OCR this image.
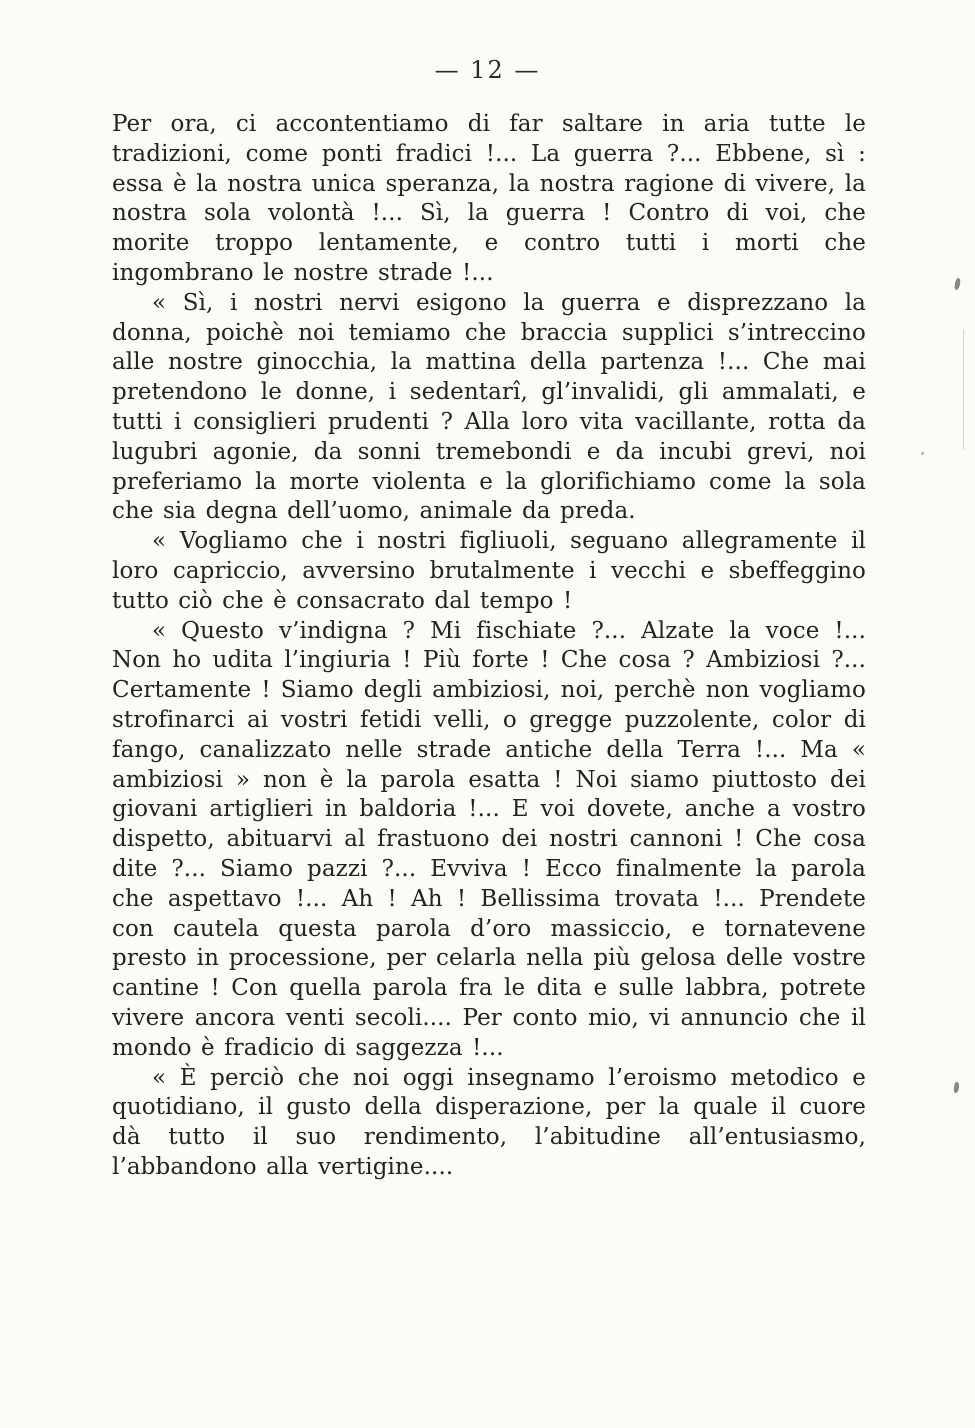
— 12 —

Per ora, ci accontentiamo di far saltare in aria tutte le tradizioni, come ponti fradici !... La guerra ?... Ebbene, sì : essa è la nostra unica speranza, la nostra ragione di vivere, la nostra sola volontà !... Sì, la guerra ! Contro di voi, che morite troppo lentamente, e contro tutti i morti che ingombrano le nostre strade !...

« Sì, i nostri nervi esigono la guerra e disprezzano la donna, poichè noi temiamo che braccia supplici s’intreccino alle nostre ginocchia, la mattina della partenza !... Che mai pretendono le donne, i sedentarî, gl’invalidi, gli ammalati, e tutti i consiglieri prudenti ? Alla loro vita vacillante, rotta da lugubri agonie, da sonni tremebondi e da incubi grevi, noi preferiamo la morte violenta e la glorifichiamo come la sola che sia degna dell’uomo, animale da preda.

« Vogliamo che i nostri figliuoli, seguano allegramente il loro capriccio, avversino brutalmente i vecchi e sbeffeggino tutto ciò che è consacrato dal tempo !

« Questo v’indigna ? Mi fischiate ?... Alzate la voce !... Non ho udita l’ingiuria ! Più forte ! Che cosa ? Ambiziosi ?... Certamente ! Siamo degli ambiziosi, noi, perchè non vogliamo strofinarci ai vostri fetidi velli, o gregge puzzolente, color di fango, canalizzato nelle strade antiche della Terra !... Ma « ambiziosi » non è la parola esatta ! Noi siamo piuttosto dei giovani artiglieri in baldoria !... E voi dovete, anche a vostro dispetto, abituarvi al frastuono dei nostri cannoni ! Che cosa dite ?... Siamo pazzi ?... Evviva ! Ecco finalmente la parola che aspettavo !... Ah ! Ah ! Bellissima trovata !... Prendete con cautela questa parola d’oro massiccio, e tornatevene presto in processione, per celarla nella più gelosa delle vostre cantine ! Con quella parola fra le dita e sulle labbra, potrete vivere ancora venti secoli.... Per conto mio, vi annuncio che il mondo è fradicio di saggezza !...

« È perciò che noi oggi insegnamo l’eroismo metodico e quotidiano, il gusto della disperazione, per la quale il cuore dà tutto il suo rendimento, l’abitudine all’entusiasmo, l’abbandono alla vertigine....
